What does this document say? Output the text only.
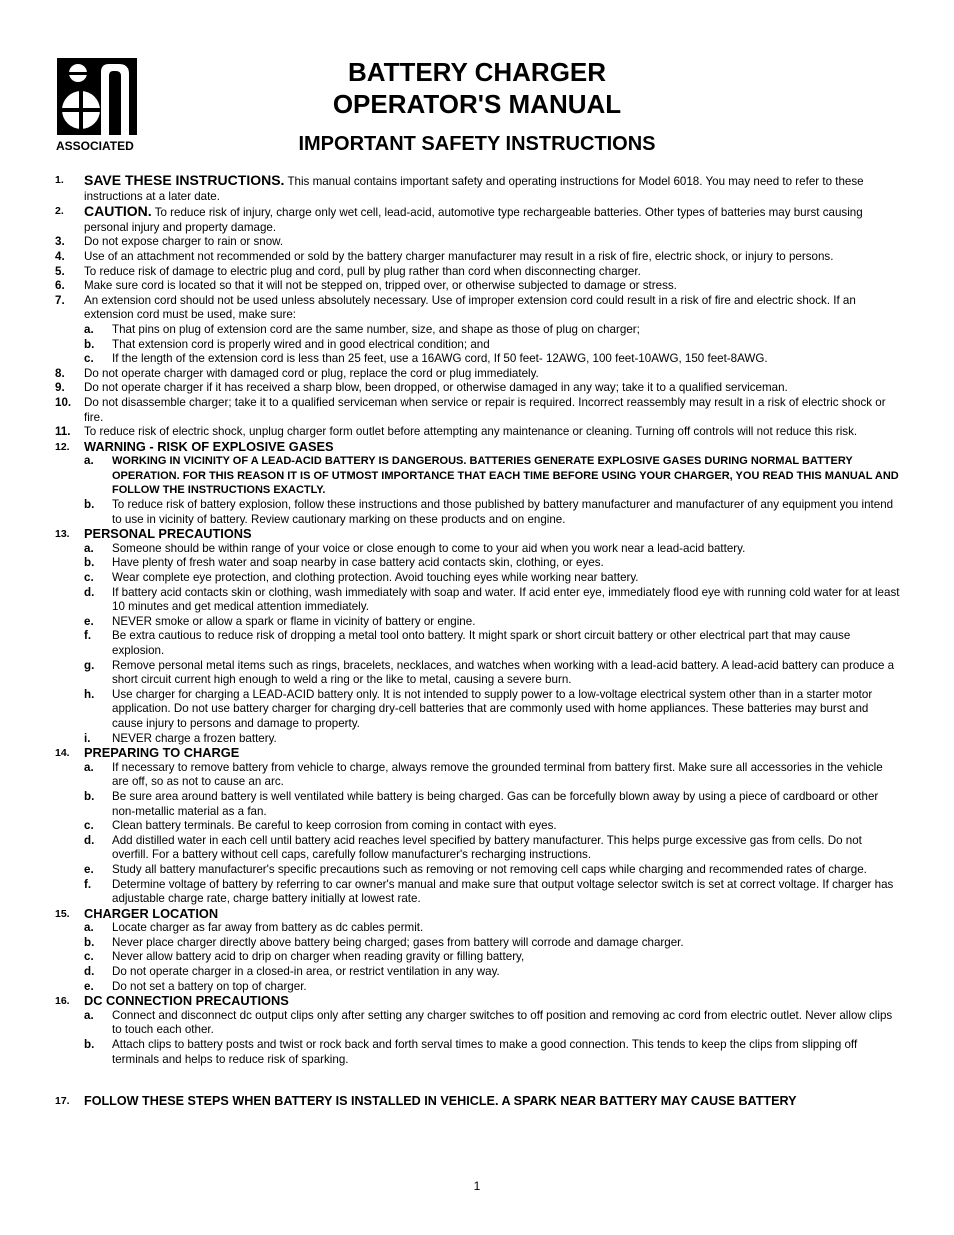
ASSOCIATED
BATTERY CHARGER
OPERATOR'S MANUAL
IMPORTANT SAFETY INSTRUCTIONS
1.	SAVE THESE INSTRUCTIONS. This manual contains important safety and operating instructions for Model 6018. You may need to refer to these instructions at a later date.
2.	CAUTION. To reduce risk of injury, charge only wet cell, lead-acid, automotive type rechargeable batteries. Other types of batteries may burst causing personal injury and property damage.
3.	Do not expose charger to rain or snow.
4.	Use of an attachment not recommended or sold by the battery charger manufacturer may result in a risk of fire, electric shock, or injury to persons.
5.	To reduce risk of damage to electric plug and cord, pull by plug rather than cord when disconnecting charger.
6.	Make sure cord is located so that it will not be stepped on, tripped over, or otherwise subjected to damage or stress.
7.	An extension cord should not be used unless absolutely necessary. Use of improper extension cord could result in a risk of fire and electric shock. If an extension cord must be used, make sure:
a.	That pins on plug of extension cord are the same number, size, and shape as those of plug on charger;
b.	That extension cord is properly wired and in good electrical condition; and
c.	If the length of the extension cord is less than 25 feet, use a 16AWG cord, If 50 feet- 12AWG, 100 feet-10AWG, 150 feet-8AWG.
8.	Do not operate charger with damaged cord or plug, replace the cord or plug immediately.
9.	Do not operate charger if it has received a sharp blow, been dropped, or otherwise damaged in any way; take it to a qualified serviceman.
10.	Do not disassemble charger; take it to a qualified serviceman when service or repair is required. Incorrect reassembly may result in a risk of electric shock or fire.
11.	To reduce risk of electric shock, unplug charger form outlet before attempting any maintenance or cleaning. Turning off controls will not reduce this risk.
12.	WARNING - RISK OF EXPLOSIVE GASES
a.	WORKING IN VICINITY OF A LEAD-ACID BATTERY IS DANGEROUS. BATTERIES GENERATE EXPLOSIVE GASES DURING NORMAL BATTERY OPERATION. FOR THIS REASON IT IS OF UTMOST IMPORTANCE THAT EACH TIME BEFORE USING YOUR CHARGER, YOU READ THIS MANUAL AND FOLLOW THE INSTRUCTIONS EXACTLY.
b.	To reduce risk of battery explosion, follow these instructions and those published by battery manufacturer and manufacturer of any equipment you intend to use in vicinity of battery. Review cautionary marking on these products and on engine.
13.	PERSONAL PRECAUTIONS
a.	Someone should be within range of your voice or close enough to come to your aid when you work near a lead-acid battery.
b.	Have plenty of fresh water and soap nearby in case battery acid contacts skin, clothing, or eyes.
c.	Wear complete eye protection, and clothing protection. Avoid touching eyes while working near battery.
d.	If battery acid contacts skin or clothing, wash immediately with soap and water. If acid enter eye, immediately flood eye with running cold water for at least 10 minutes and get medical attention immediately.
e.	NEVER smoke or allow a spark or flame in vicinity of battery or engine.
f.	Be extra cautious to reduce risk of dropping a metal tool onto battery. It might spark or short circuit battery or other electrical part that may cause explosion.
g.	Remove personal metal items such as rings, bracelets, necklaces, and watches when working with a lead-acid battery. A lead-acid battery can produce a short circuit current high enough to weld a ring or the like to metal, causing a severe burn.
h.	Use charger for charging a LEAD-ACID battery only. It is not intended to supply power to a low-voltage electrical system other than in a starter motor application. Do not use battery charger for charging dry-cell batteries that are commonly used with home appliances. These batteries may burst and cause injury to persons and damage to property.
i.	NEVER charge a frozen battery.
14.	PREPARING TO CHARGE
a.	If necessary to remove battery from vehicle to charge, always remove the grounded terminal from battery first. Make sure all accessories in the vehicle are off, so as not to cause an arc.
b.	Be sure area around battery is well ventilated while battery is being charged. Gas can be forcefully blown away by using a piece of cardboard or other non-metallic material as a fan.
c.	Clean battery terminals. Be careful to keep corrosion from coming in contact with eyes.
d.	Add distilled water in each cell until battery acid reaches level specified by battery manufacturer. This helps purge excessive gas from cells. Do not overfill. For a battery without cell caps, carefully follow manufacturer's recharging instructions.
e.	Study all battery manufacturer's specific precautions such as removing or not removing cell caps while charging and recommended rates of charge.
f.	Determine voltage of battery by referring to car owner's manual and make sure that output voltage selector switch is set at correct voltage. If charger has adjustable charge rate, charge battery initially at lowest rate.
15.	CHARGER LOCATION
a.	Locate charger as far away from battery as dc cables permit.
b.	Never place charger directly above battery being charged; gases from battery will corrode and damage charger.
c.	Never allow battery acid to drip on charger when reading gravity or filling battery,
d.	Do not operate charger in a closed-in area, or restrict ventilation in any way.
e.	Do not set a battery on top of charger.
16.	DC CONNECTION PRECAUTIONS
a.	Connect and disconnect dc output clips only after setting any charger switches to off position and removing ac cord from electric outlet. Never allow clips to touch each other.
b.	Attach clips to battery posts and twist or rock back and forth serval times to make a good connection. This tends to keep the clips from slipping off terminals and helps to reduce risk of sparking.
17.	FOLLOW THESE STEPS WHEN BATTERY IS INSTALLED IN VEHICLE. A SPARK NEAR BATTERY MAY CAUSE BATTERY
1
